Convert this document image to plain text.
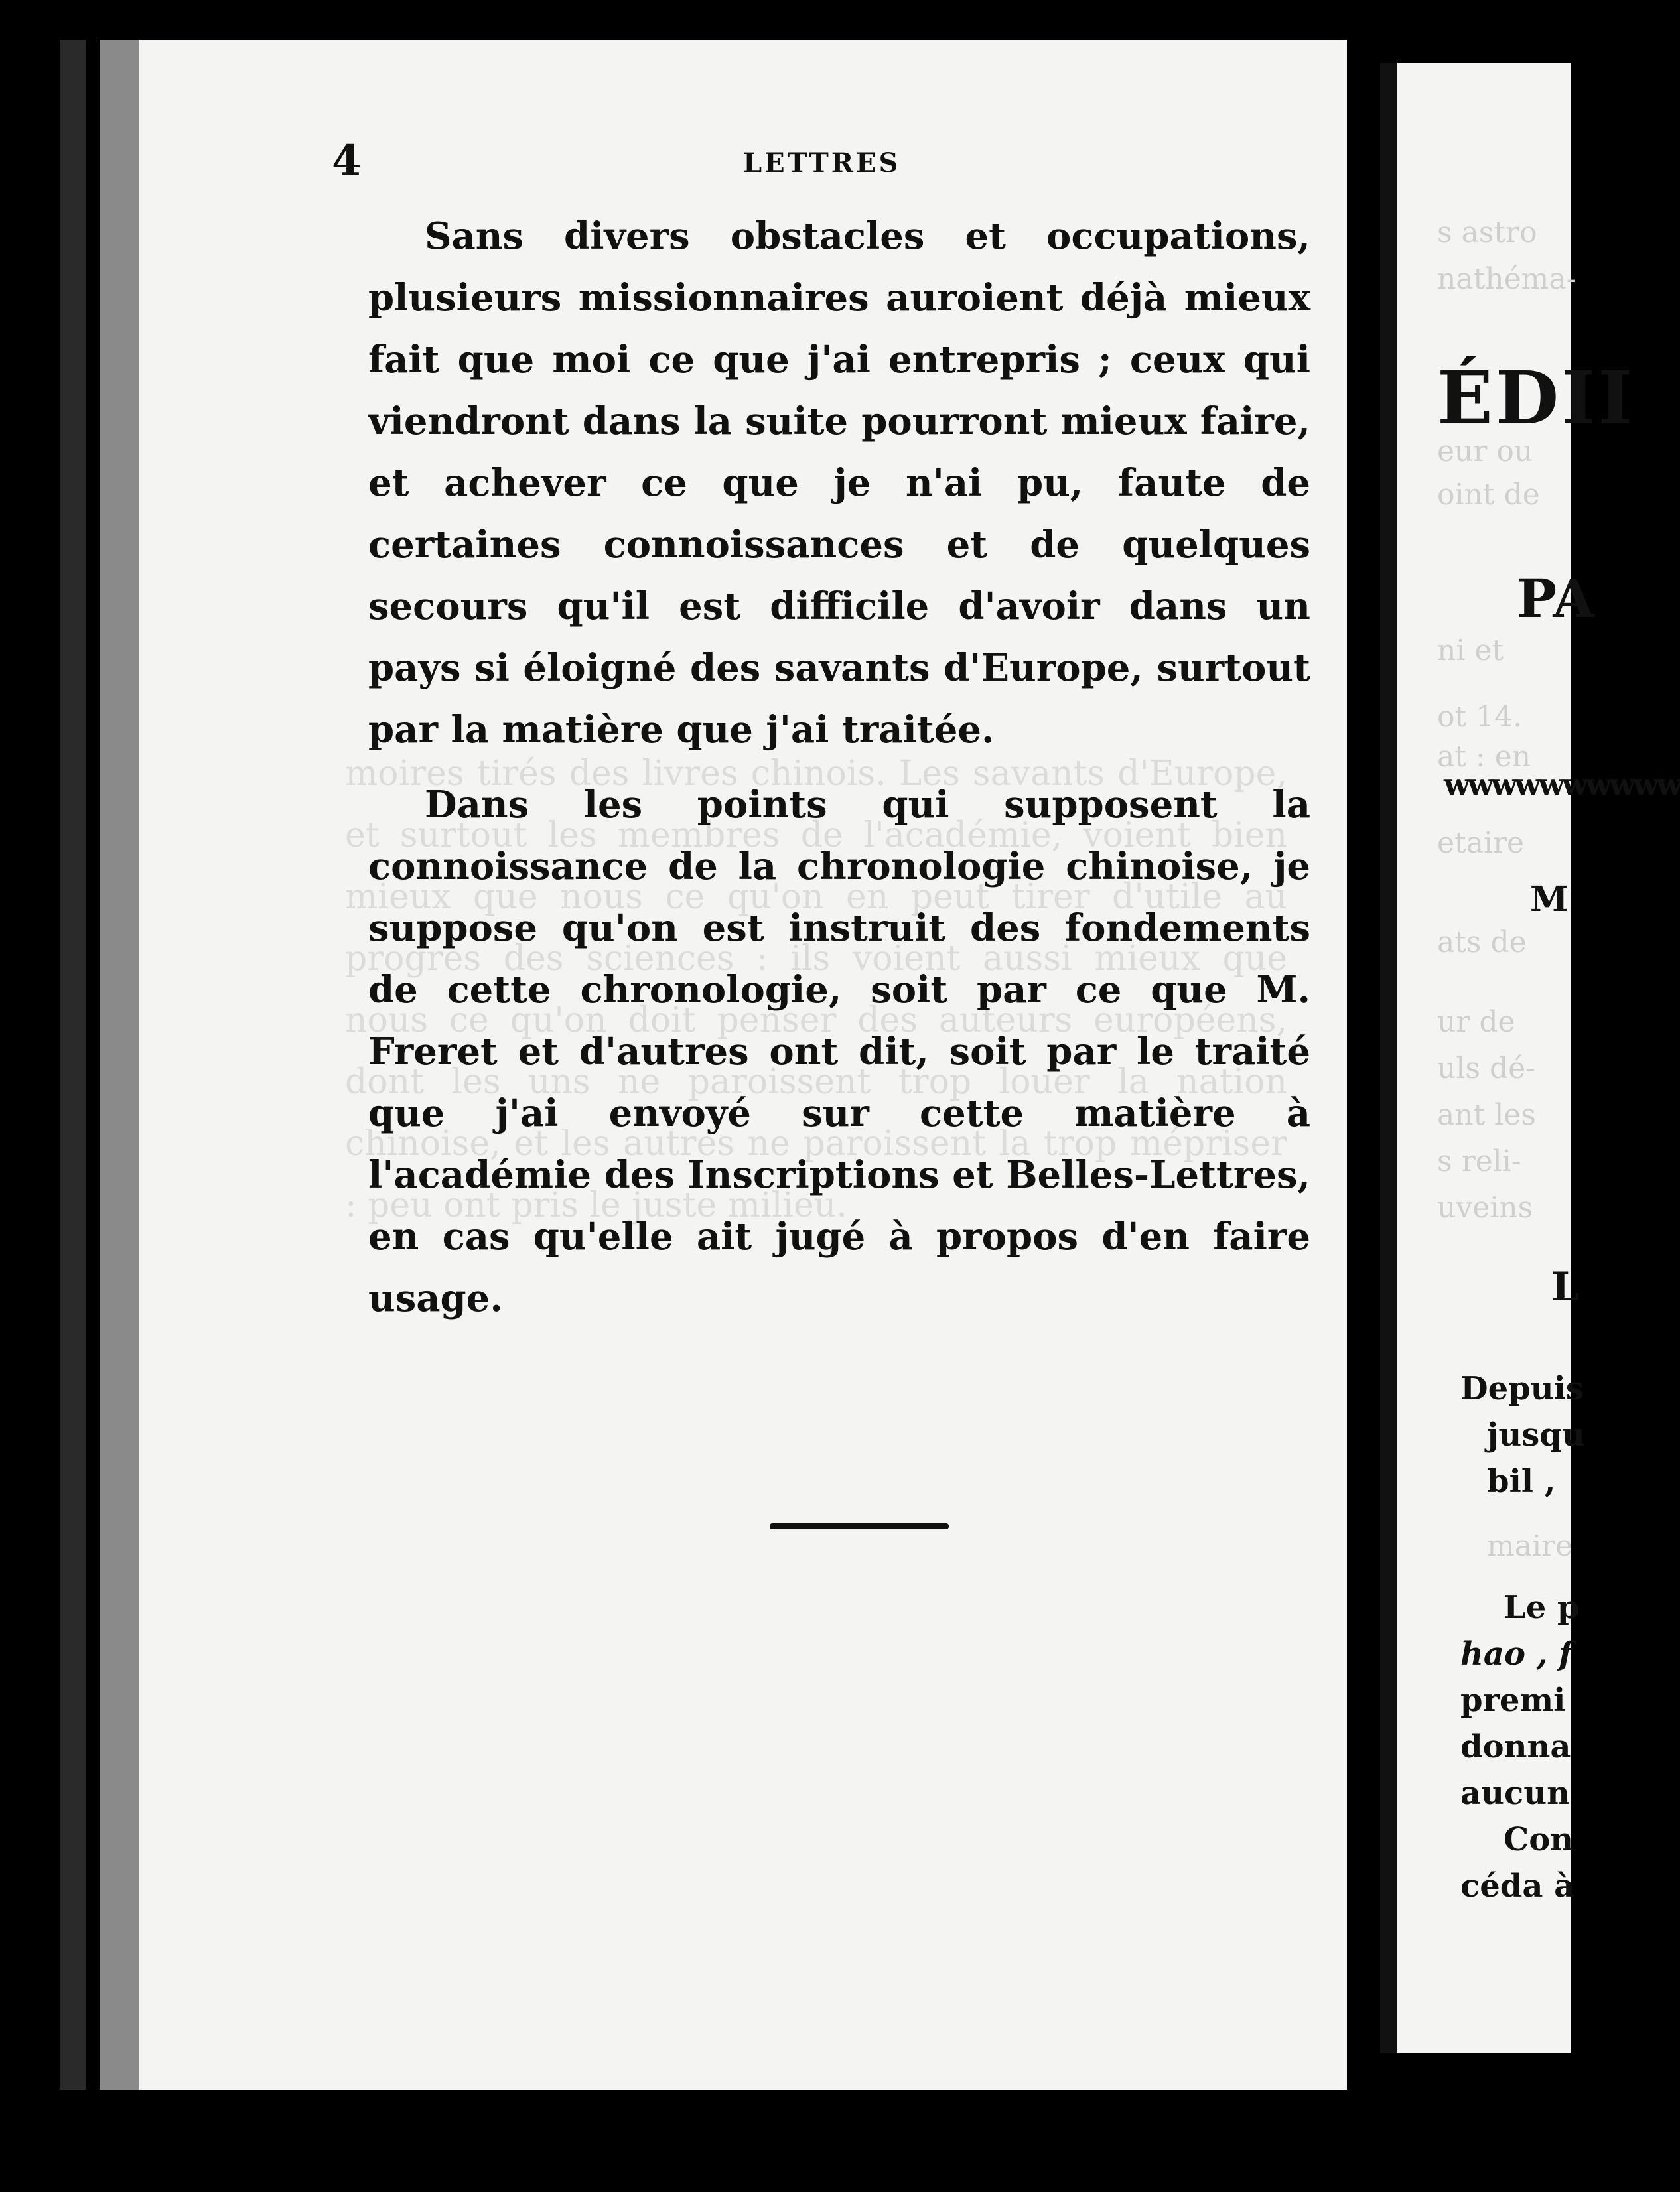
4	LETTRES
moires tirés des livres chinois. Les savants d'Europe, et surtout les membres de l'académie, voient bien mieux que nous ce qu'on en peut tirer d'utile au progrès des sciences : ils voient aussi mieux que nous ce qu'on doit penser des auteurs européens, dont les uns ne paroissent trop louer la nation chinoise, et les autres ne paroissent la trop mépriser : peu ont pris le juste milieu.

Sans divers obstacles et occupations, plusieurs missionnaires auroient déjà mieux fait que moi ce que j'ai entrepris ; ceux qui viendront dans la suite pourront mieux faire, et achever ce que je n'ai pu, faute de certaines connoissances et de quelques secours qu'il est difficile d'avoir dans un pays si éloigné des savants d'Europe, surtout par la matière que j'ai traitée.

Dans les points qui supposent la connoissance de la chronologie chinoise, je suppose qu'on est instruit des fondements de cette chronologie, soit par ce que M. Freret et d'autres ont dit, soit par le traité que j'ai envoyé sur cette matière à l'académie des Inscriptions et Belles-Lettres, en cas qu'elle ait jugé à propos d'en faire usage.

s astro
nathéma-
eur ou
oint de
ÉDII
PA
ni et
ot 14.
at : en
wwwwwwwwww
etaire
M
ats de
ur de
uls dé-
ant les
s reli-
uveins
L
Depuis
jusqu
bil ,
maire
Le p
hao , f
premi
donna
aucun
Con
céda à
